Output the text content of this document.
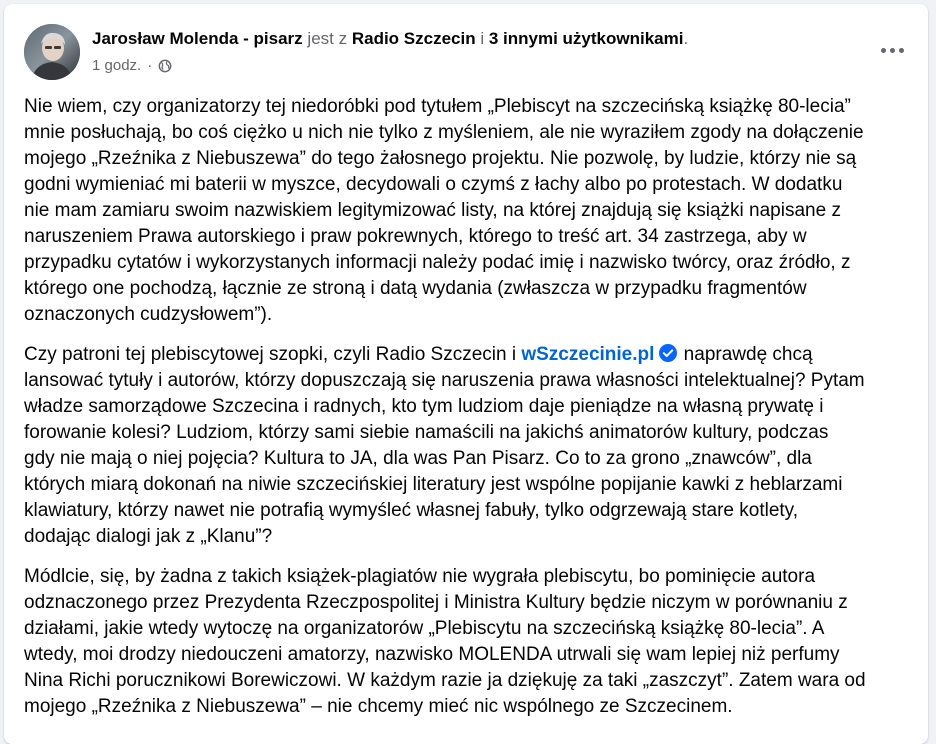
Jarosław Molenda - pisarz jest z Radio Szczecin i 3 innymi użytkownikami.
1 godz. ·

Nie wiem, czy organizatorzy tej niedoróbki pod tytułem „Plebiscyt na szczecińską książkę 80-lecia”
mnie posłuchają, bo coś ciężko u nich nie tylko z myśleniem, ale nie wyraziłem zgody na dołączenie
mojego „Rzeźnika z Niebuszewa” do tego żałosnego projektu. Nie pozwolę, by ludzie, którzy nie są
godni wymieniać mi baterii w myszce, decydowali o czymś z łachy albo po protestach. W dodatku
nie mam zamiaru swoim nazwiskiem legitymizować listy, na której znajdują się książki napisane z
naruszeniem Prawa autorskiego i praw pokrewnych, którego to treść art. 34 zastrzega, aby w
przypadku cytatów i wykorzystanych informacji należy podać imię i nazwisko twórcy, oraz źródło, z
którego one pochodzą, łącznie ze stroną i datą wydania (zwłaszcza w przypadku fragmentów
oznaczonych cudzysłowem”).

Czy patroni tej plebiscytowej szopki, czyli Radio Szczecin i wSzczecinie.pl naprawdę chcą
lansować tytuły i autorów, którzy dopuszczają się naruszenia prawa własności intelektualnej? Pytam
władze samorządowe Szczecina i radnych, kto tym ludziom daje pieniądze na własną prywatę i
forowanie kolesi? Ludziom, którzy sami siebie namaścili na jakichś animatorów kultury, podczas
gdy nie mają o niej pojęcia? Kultura to JA, dla was Pan Pisarz. Co to za grono „znawców”, dla
których miarą dokonań na niwie szczecińskiej literatury jest wspólne popijanie kawki z heblarzami
klawiatury, którzy nawet nie potrafią wymyśleć własnej fabuły, tylko odgrzewają stare kotlety,
dodając dialogi jak z „Klanu”?

Módlcie, się, by żadna z takich książek-plagiatów nie wygrała plebiscytu, bo pominięcie autora
odznaczonego przez Prezydenta Rzeczpospolitej i Ministra Kultury będzie niczym w porównaniu z
działami, jakie wtedy wytoczę na organizatorów „Plebiscytu na szczecińską książkę 80-lecia”. A
wtedy, moi drodzy niedouczeni amatorzy, nazwisko MOLENDA utrwali się wam lepiej niż perfumy
Nina Richi porucznikowi Borewiczowi. W każdym razie ja dziękuję za taki „zaszczyt”. Zatem wara od
mojego „Rzeźnika z Niebuszewa” – nie chcemy mieć nic wspólnego ze Szczecinem.
